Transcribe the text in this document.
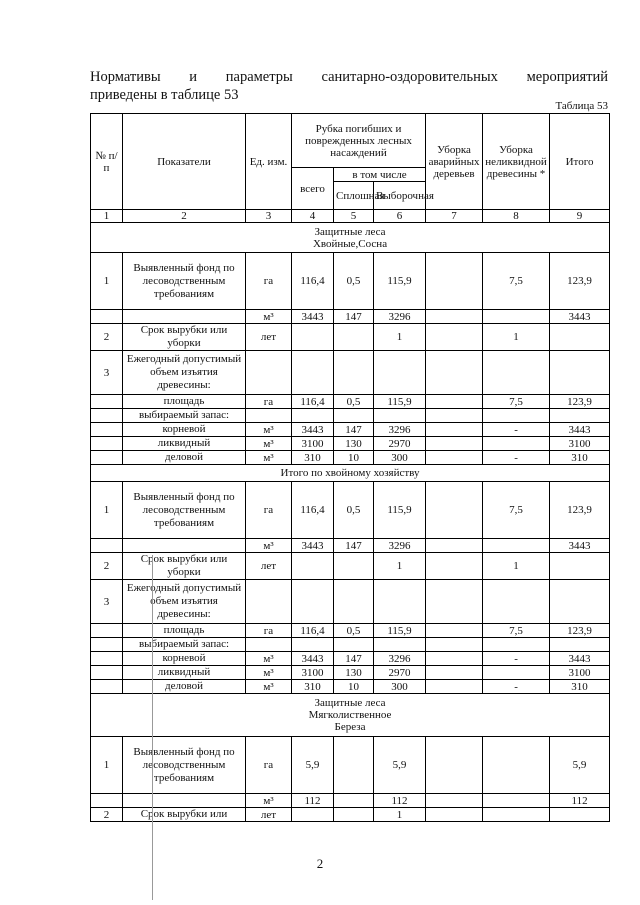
Нормативы и параметры санитарно-оздоровительных мероприятий
приведены в таблице 53
Таблица 53
№ п/п	Показатели	Ед. изм.	Рубка погибших и поврежденных лесных насаждений			Уборка аварийных деревьев	Уборка неликвидной древесины *	Итого
			всего	в том числе				
				Сплошная	Выборочная			
1	2	3	4	5	6	7	8	9
Защитные леса
Хвойные,Сосна								
1	Выявленный фонд по лесоводственным требованиям	га	116,4	0,5	115,9		7,5	123,9
		м³	3443	147	3296			3443
2	Срок вырубки или уборки	лет			1		1	
3	Ежегодный допустимый объем изъятия древесины:							
	площадь	га	116,4	0,5	115,9		7,5	123,9
	выбираемый запас:							
	корневой	м³	3443	147	3296		-	3443
	ликвидный	м³	3100	130	2970			3100
	деловой	м³	310	10	300		-	310
Итого по хвойному хозяйству								
1	Выявленный фонд по лесоводственным требованиям	га	116,4	0,5	115,9		7,5	123,9
		м³	3443	147	3296			3443
2	Срок вырубки или уборки	лет			1		1	
3	Ежегодный допустимый объем изъятия древесины:							
	площадь	га	116,4	0,5	115,9		7,5	123,9
	выбираемый запас:							
	корневой	м³	3443	147	3296		-	3443
	ликвидный	м³	3100	130	2970			3100
	деловой	м³	310	10	300		-	310
Защитные леса
Мягколиственное
Береза								
1	Выявленный фонд по лесоводственным требованиям	га	5,9		5,9			5,9
		м³	112		112			112
2	Срок вырубки или	лет			1			
2
